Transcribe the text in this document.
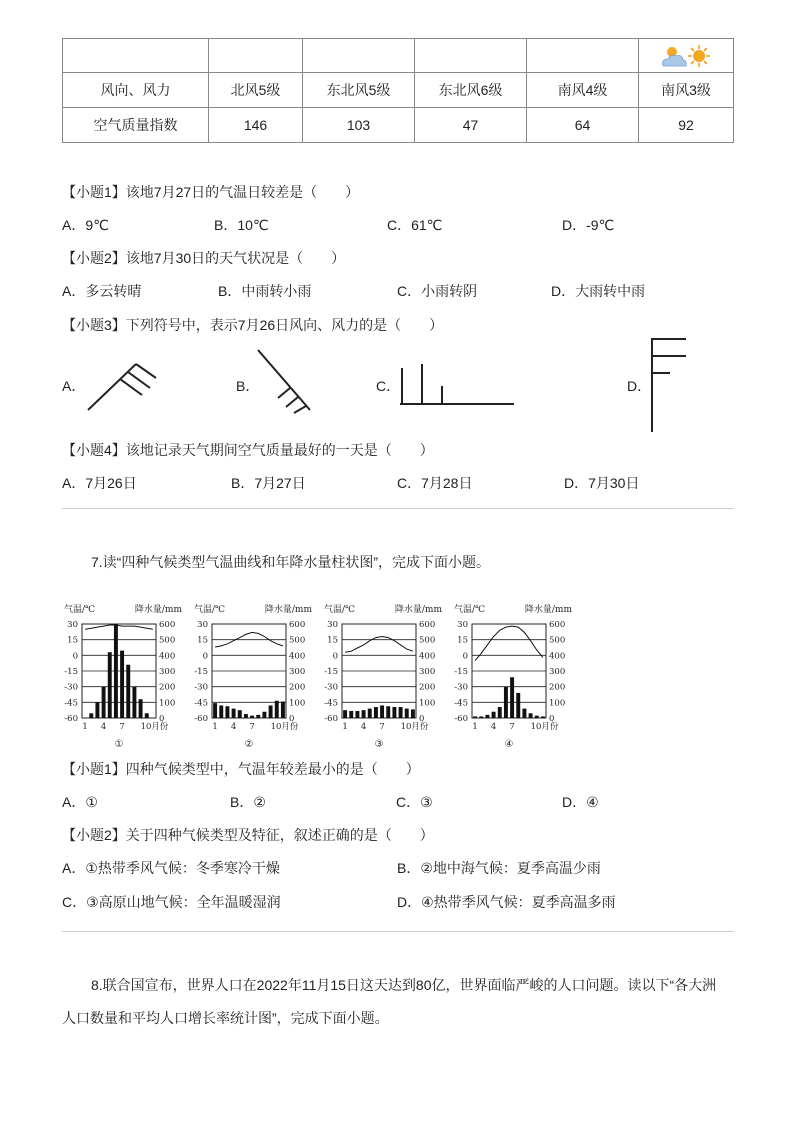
风向、风力	北风5级	东北风5级	东北风6级	南风4级	南风3级
空气质量指数	146	103	47	64	92
【小题1】该地7月27日的气温日较差是（　　）
A．9℃	B．10℃	C．61℃	D．-9℃
【小题2】该地7月30日的天气状况是（　　）
A．多云转晴	B．中雨转小雨	C．小雨转阴	D．大雨转中雨
【小题3】下列符号中，表示7月26日风向、风力的是（　　）
A．	B．	C．	D．
【小题4】该地记录天气期间空气质量最好的一天是（　　）
A．7月26日	B．7月27日	C．7月28日	D．7月30日
7.读“四种气候类型气温曲线和年降水量柱状图”，完成下面小题。
气温/℃	降水量/mm
30	600
15	500
0	400
-15	300
-30	200
-45	100
-60	0
1 4 7 10月份
①
气温/℃	降水量/mm
30	600
15	500
0	400
-15	300
-30	200
-45	100
-60	0
1 4 7 10月份
②
气温/℃	降水量/mm
30	600
15	500
0	400
-15	300
-30	200
-45	100
-60	0
1 4 7 10月份
③
气温/℃	降水量/mm
30	600
15	500
0	400
-15	300
-30	200
-45	100
-60	0
1 4 7 10月份
④
【小题1】四种气候类型中，气温年较差最小的是（　　）
A．①	B．②	C．③	D．④
【小题2】关于四种气候类型及特征，叙述正确的是（　　）
A．①热带季风气候：冬季寒冷干燥	B．②地中海气候：夏季高温少雨
C．③高原山地气候：全年温暖湿润	D．④热带季风气候：夏季高温多雨
8.联合国宣布，世界人口在2022年11月15日这天达到80亿，世界面临严峻的人口问题。读以下“各大洲
人口数量和平均人口增长率统计图”，完成下面小题。
